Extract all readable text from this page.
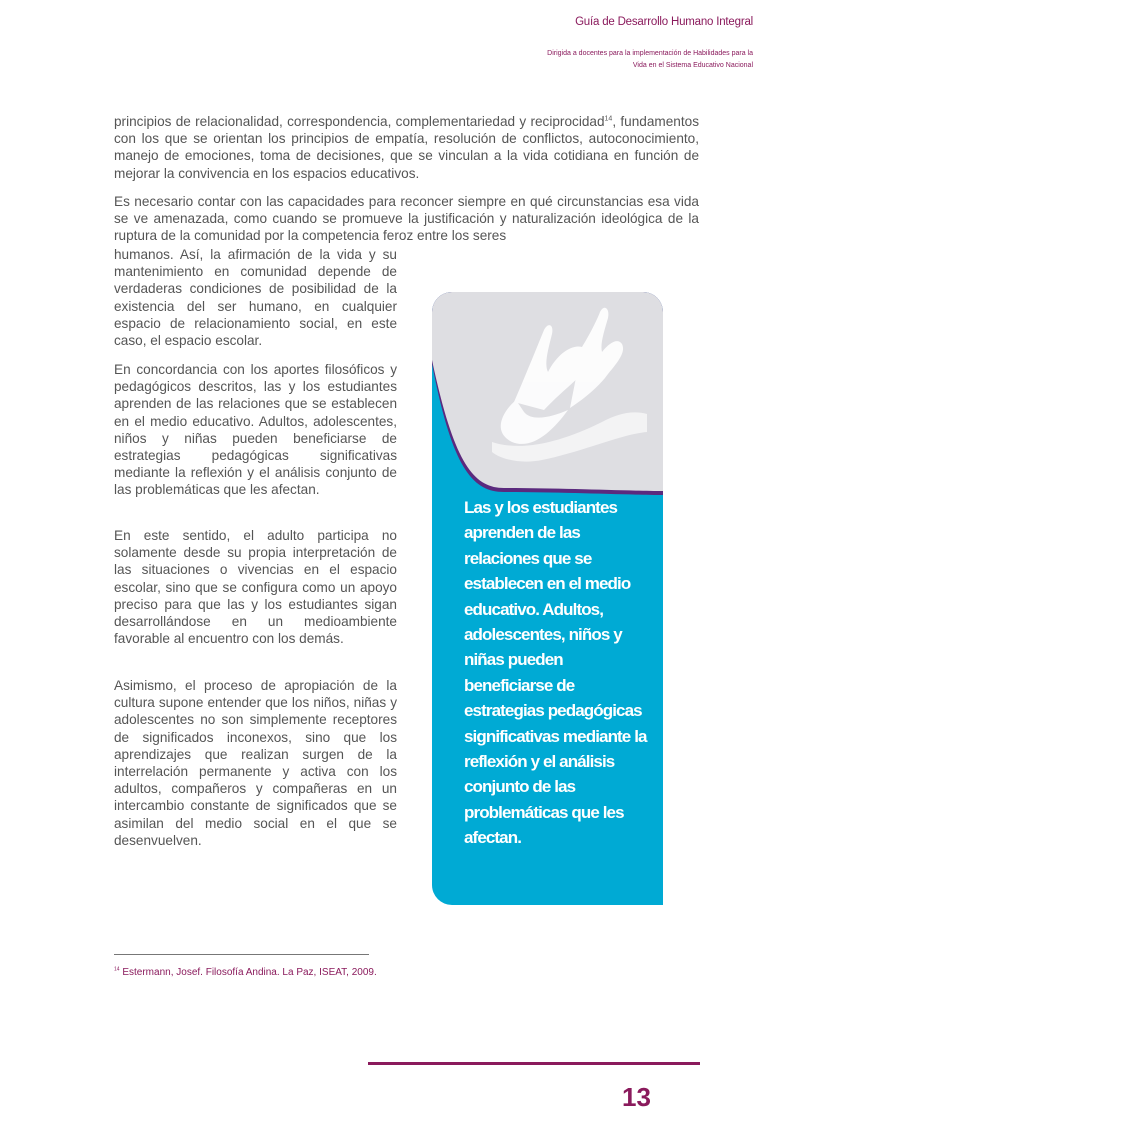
Guía de Desarrollo Humano Integral
Dirigida a docentes para la implementación de Habilidades para la
Vida en el Sistema Educativo Nacional

principios de relacionalidad, correspondencia, complementariedad y reciprocidad$^{14}$, fundamentos con los que se orientan los principios de empatía, resolución de conflictos, autoconocimiento, manejo de emociones, toma de decisiones, que se vinculan a la vida cotidiana en función de mejorar la convivencia en los espacios educativos.

Es necesario contar con las capacidades para reconcer siempre en qué circunstancias esa vida se ve amenazada, como cuando se promueve la justificación y naturalización ideológica de la ruptura de la comunidad por la competencia feroz entre los seres

humanos. Así, la afirmación de la vida y su mantenimiento en comunidad depende de verdaderas condiciones de posibilidad de la existencia del ser humano, en cualquier espacio de relacionamiento social, en este caso, el espacio escolar.

En concordancia con los aportes filosóficos y pedagógicos descritos, las y los estudiantes aprenden de las relaciones que se establecen en el medio educativo. Adultos, adolescentes, niños y niñas pueden beneficiarse de estrategias pedagógicas significativas mediante la reflexión y el análisis conjunto de las problemáticas que les afectan.

En este sentido, el adulto participa no solamente desde su propia interpretación de las situaciones o vivencias en el espacio escolar, sino que se configura como un apoyo preciso para que las y los estudiantes sigan desarrollándose en un medioambiente favorable al encuentro con los demás.

Asimismo, el proceso de apropiación de la cultura supone entender que los niños, niñas y adolescentes no son simplemente receptores de significados inconexos, sino que los aprendizajes que realizan surgen de la interrelación permanente y activa con los adultos, compañeros y compañeras en un intercambio constante de significados que se asimilan del medio social en el que se desenvuelven.

Las y los estudiantes aprenden de las relaciones que se establecen en el medio educativo. Adultos, adolescentes, niños y niñas pueden beneficiarse de estrategias pedagógicas significativas mediante la reflexión y el análisis conjunto de las problemáticas que les afectan.
$^{14}$ Estermann, Josef. Filosofía Andina. La Paz, ISEAT, 2009.
13
